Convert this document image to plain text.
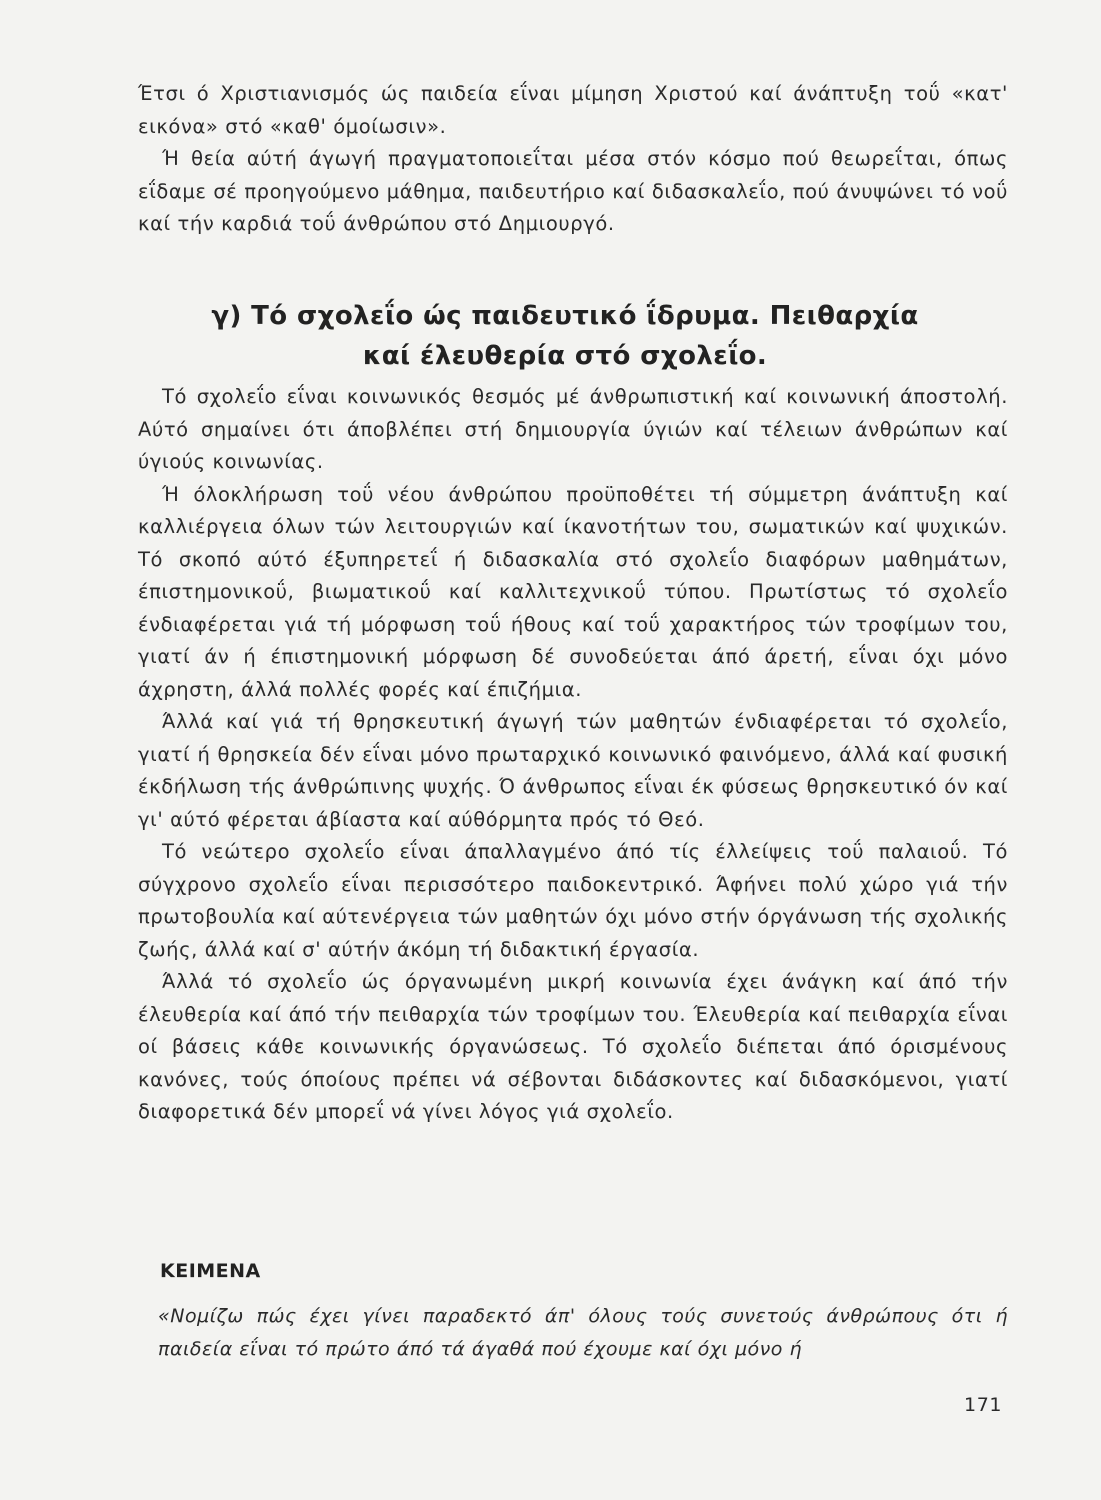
Έτσι ό Χριστιανισμός ώς παιδεία εΐναι μίμηση Χριστού καί άνάπτυξη τοΰ «κατ' εικόνα» στό «καθ' όμοίωσιν».

Ή θεία αύτή άγωγή πραγματοποιεΐται μέσα στόν κόσμο πού θεωρεΐται, όπως εΐδαμε σέ προηγούμενο μάθημα, παιδευτήριο καί διδασκαλεΐο, πού άνυψώνει τό νοΰ καί τήν καρδιά τοΰ άνθρώπου στό Δημιουργό.

γ) Τό σχολεΐο ώς παιδευτικό ΐδρυμα. Πειθαρχία
καί έλευθερία στό σχολεΐο.

Τό σχολεΐο εΐναι κοινωνικός θεσμός μέ άνθρωπιστική καί κοινωνική άποστολή. Αύτό σημαίνει ότι άποβλέπει στή δημιουργία ύγιών καί τέλειων άνθρώπων καί ύγιούς κοινωνίας.

Ή όλοκλήρωση τοΰ νέου άνθρώπου προϋποθέτει τή σύμμετρη άνάπτυξη καί καλλιέργεια όλων τών λειτουργιών καί ίκανοτήτων του, σωματικών καί ψυχικών. Τό σκοπό αύτό έξυπηρετεΐ ή διδασκαλία στό σχολεΐο διαφόρων μαθημάτων, έπιστημονικοΰ, βιωματικοΰ καί καλλιτεχνικοΰ τύπου. Πρωτίστως τό σχολεΐο ένδιαφέρεται γιά τή μόρφωση τοΰ ήθους καί τοΰ χαρακτήρος τών τροφίμων του, γιατί άν ή έπιστημονική μόρφωση δέ συνοδεύεται άπό άρετή, εΐναι όχι μόνο άχρηστη, άλλά πολλές φορές καί έπιζήμια.

Άλλά καί γιά τή θρησκευτική άγωγή τών μαθητών ένδιαφέρεται τό σχολεΐο, γιατί ή θρησκεία δέν εΐναι μόνο πρωταρχικό κοινωνικό φαινόμενο, άλλά καί φυσική έκδήλωση τής άνθρώπινης ψυχής. Ό άνθρωπος εΐναι έκ φύσεως θρησκευτικό όν καί γι' αύτό φέρεται άβίαστα καί αύθόρμητα πρός τό Θεό.

Τό νεώτερο σχολεΐο εΐναι άπαλλαγμένο άπό τίς έλλείψεις τοΰ παλαιοΰ. Τό σύγχρονο σχολεΐο εΐναι περισσότερο παιδοκεντρικό. Άφήνει πολύ χώρο γιά τήν πρωτοβουλία καί αύτενέργεια τών μαθητών όχι μόνο στήν όργάνωση τής σχολικής ζωής, άλλά καί σ' αύτήν άκόμη τή διδακτική έργασία.

Άλλά τό σχολεΐο ώς όργανωμένη μικρή κοινωνία έχει άνάγκη καί άπό τήν έλευθερία καί άπό τήν πειθαρχία τών τροφίμων του. Έλευθερία καί πειθαρχία εΐναι οί βάσεις κάθε κοινωνικής όργανώσεως. Τό σχολεΐο διέπεται άπό όρισμένους κανόνες, τούς όποίους πρέπει νά σέβονται διδάσκοντες καί διδασκόμενοι, γιατί διαφορετικά δέν μπορεΐ νά γίνει λόγος γιά σχολεΐο.

ΚΕΙΜΕΝΑ

«Νομίζω πώς έχει γίνει παραδεκτό άπ' όλους τούς συνετούς άνθρώπους ότι ή παιδεία εΐναι τό πρώτο άπό τά άγαθά πού έχουμε καί όχι μόνο ή

171
